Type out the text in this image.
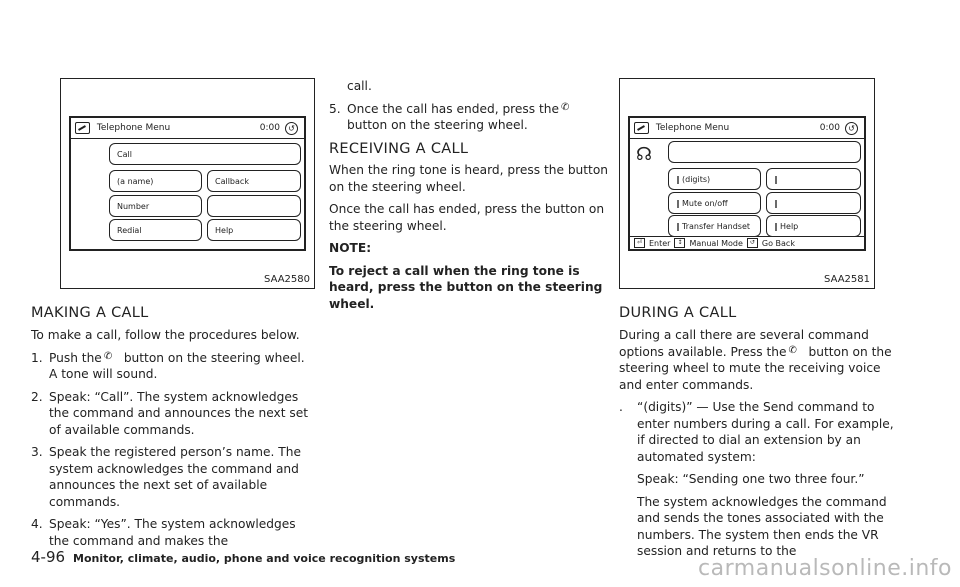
Telephone Menu	0:00	↺
Call
(a name)	Callback
Number
Redial	Help
SAA2580
MAKING A CALL

To make a call, follow the procedures below.

1. Push the ✆ button on the steering wheel. A tone will sound.
2. Speak: “Call”. The system acknowledges the command and announces the next set of available commands.
3. Speak the registered person’s name. The system acknowledges the command and announces the next set of available commands.
4. Speak: “Yes”. The system acknowledges the command and makes the

call.

5. Once the call has ended, press the✆button on the steering wheel.
RECEIVING A CALL

When the ring tone is heard, press the button on the steering wheel.

Once the call has ended, press the button on the steering wheel.

NOTE:

To reject a call when the ring tone is heard, press the button on the steering wheel.

Telephone Menu	0:00	↺
☊
‖ (digits)	‖
‖ Mute on/off	‖
‖ Transfer Handset	‖ Help
⏎ Enter	↕ Manual Mode	↺ Go Back
SAA2581
DURING A CALL

During a call there are several command options available. Press the ✆ button on the steering wheel to mute the receiving voice and enter commands.

. “(digits)” — Use the Send command to enter numbers during a call. For example, if directed to dial an extension by an automated system:
Speak: “Sending one two three four.”
The system acknowledges the command and sends the tones associated with the numbers. The system then ends the VR session and returns to the
4-96 Monitor, climate, audio, phone and voice recognition systems	carmanualsonline.info
